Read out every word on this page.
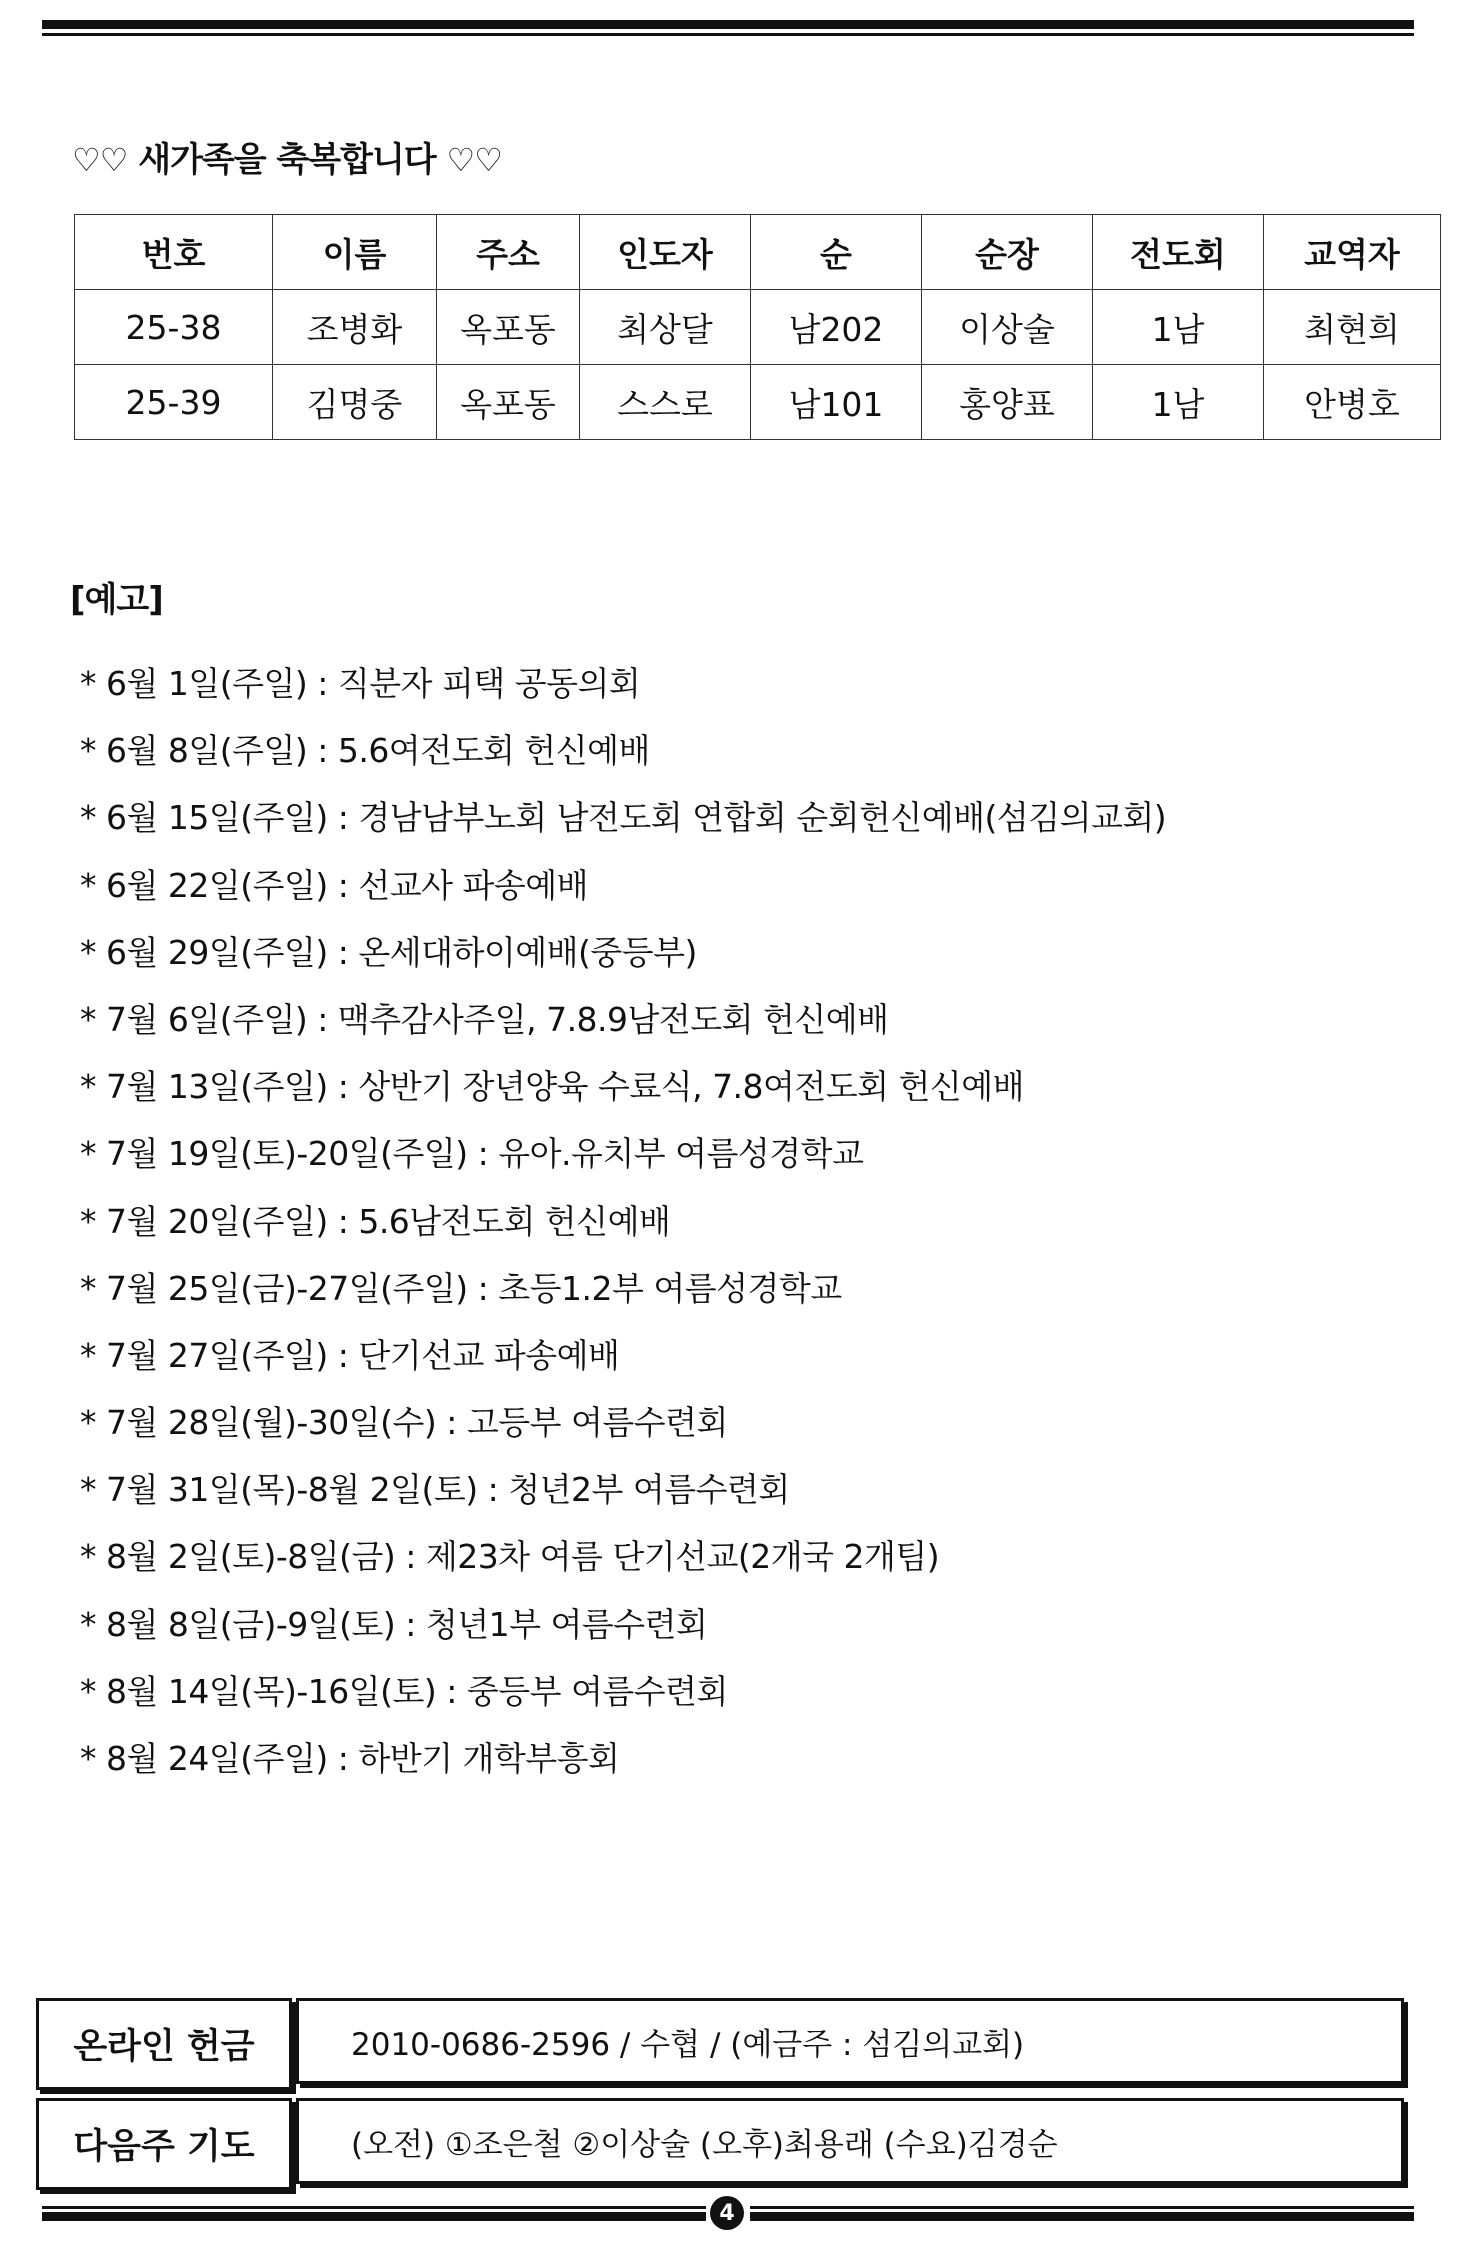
♡♡ 새가족을 축복합니다 ♡♡
번호	이름	주소	인도자	순	순장	전도회	교역자
25-38	조병화	옥포동	최상달	남202	이상술	1남	최현희
25-39	김명중	옥포동	스스로	남101	홍양표	1남	안병호
[예고]
* 6월 1일(주일) : 직분자 피택 공동의회
* 6월 8일(주일) : 5.6여전도회 헌신예배
* 6월 15일(주일) : 경남남부노회 남전도회 연합회 순회헌신예배(섬김의교회)
* 6월 22일(주일) : 선교사 파송예배
* 6월 29일(주일) : 온세대하이예배(중등부)
* 7월 6일(주일) : 맥추감사주일, 7.8.9남전도회 헌신예배
* 7월 13일(주일) : 상반기 장년양육 수료식, 7.8여전도회 헌신예배
* 7월 19일(토)-20일(주일) : 유아.유치부 여름성경학교
* 7월 20일(주일) : 5.6남전도회 헌신예배
* 7월 25일(금)-27일(주일) : 초등1.2부 여름성경학교
* 7월 27일(주일) : 단기선교 파송예배
* 7월 28일(월)-30일(수) : 고등부 여름수련회
* 7월 31일(목)-8월 2일(토) : 청년2부 여름수련회
* 8월 2일(토)-8일(금) : 제23차 여름 단기선교(2개국 2개팀)
* 8월 8일(금)-9일(토) : 청년1부 여름수련회
* 8월 14일(목)-16일(토) : 중등부 여름수련회
* 8월 24일(주일) : 하반기 개학부흥회
온라인 헌금	2010-0686-2596 / 수협 / (예금주 : 섬김의교회)
다음주 기도	(오전) ①조은철 ②이상술 (오후)최용래 (수요)김경순
4
